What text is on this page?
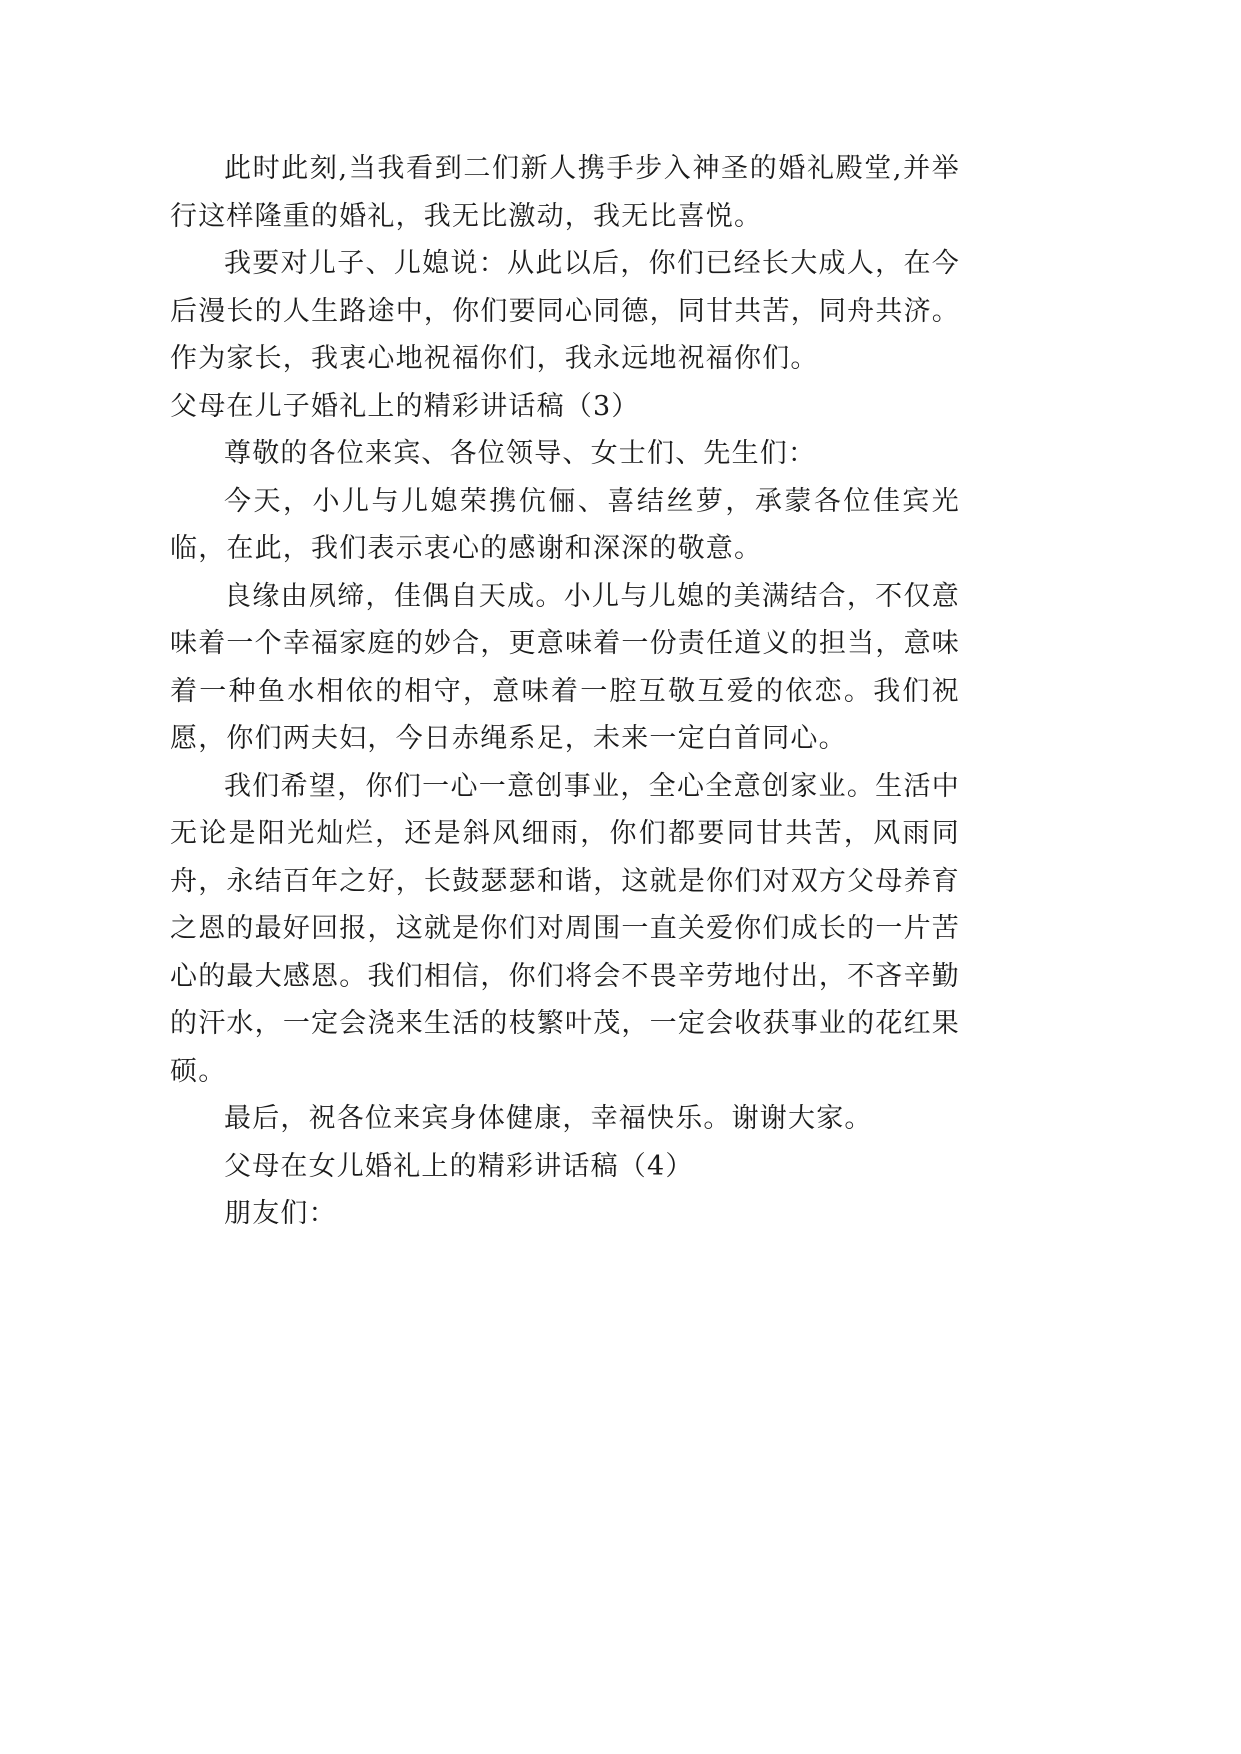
此时此刻,当我看到二们新人携手步入神圣的婚礼殿堂,并举行这样隆重的婚礼，我无比激动，我无比喜悦。

我要对儿子、儿媳说：从此以后，你们已经长大成人，在今后漫长的人生路途中，你们要同心同德，同甘共苦，同舟共济。作为家长，我衷心地祝福你们，我永远地祝福你们。

父母在儿子婚礼上的精彩讲话稿（3）

尊敬的各位来宾、各位领导、女士们、先生们：

今天，小儿与儿媳荣携伉俪、喜结丝萝，承蒙各位佳宾光临，在此，我们表示衷心的感谢和深深的敬意。

良缘由夙缔，佳偶自天成。小儿与儿媳的美满结合，不仅意味着一个幸福家庭的妙合，更意味着一份责任道义的担当，意味着一种鱼水相依的相守，意味着一腔互敬互爱的依恋。我们祝愿，你们两夫妇，今日赤绳系足，未来一定白首同心。

我们希望，你们一心一意创事业，全心全意创家业。生活中无论是阳光灿烂，还是斜风细雨，你们都要同甘共苦，风雨同舟，永结百年之好，长鼓瑟瑟和谐，这就是你们对双方父母养育之恩的最好回报，这就是你们对周围一直关爱你们成长的一片苦心的最大感恩。我们相信，你们将会不畏辛劳地付出，不吝辛勤的汗水，一定会浇来生活的枝繁叶茂，一定会收获事业的花红果硕。

最后，祝各位来宾身体健康，幸福快乐。谢谢大家。

父母在女儿婚礼上的精彩讲话稿（4）

朋友们：
